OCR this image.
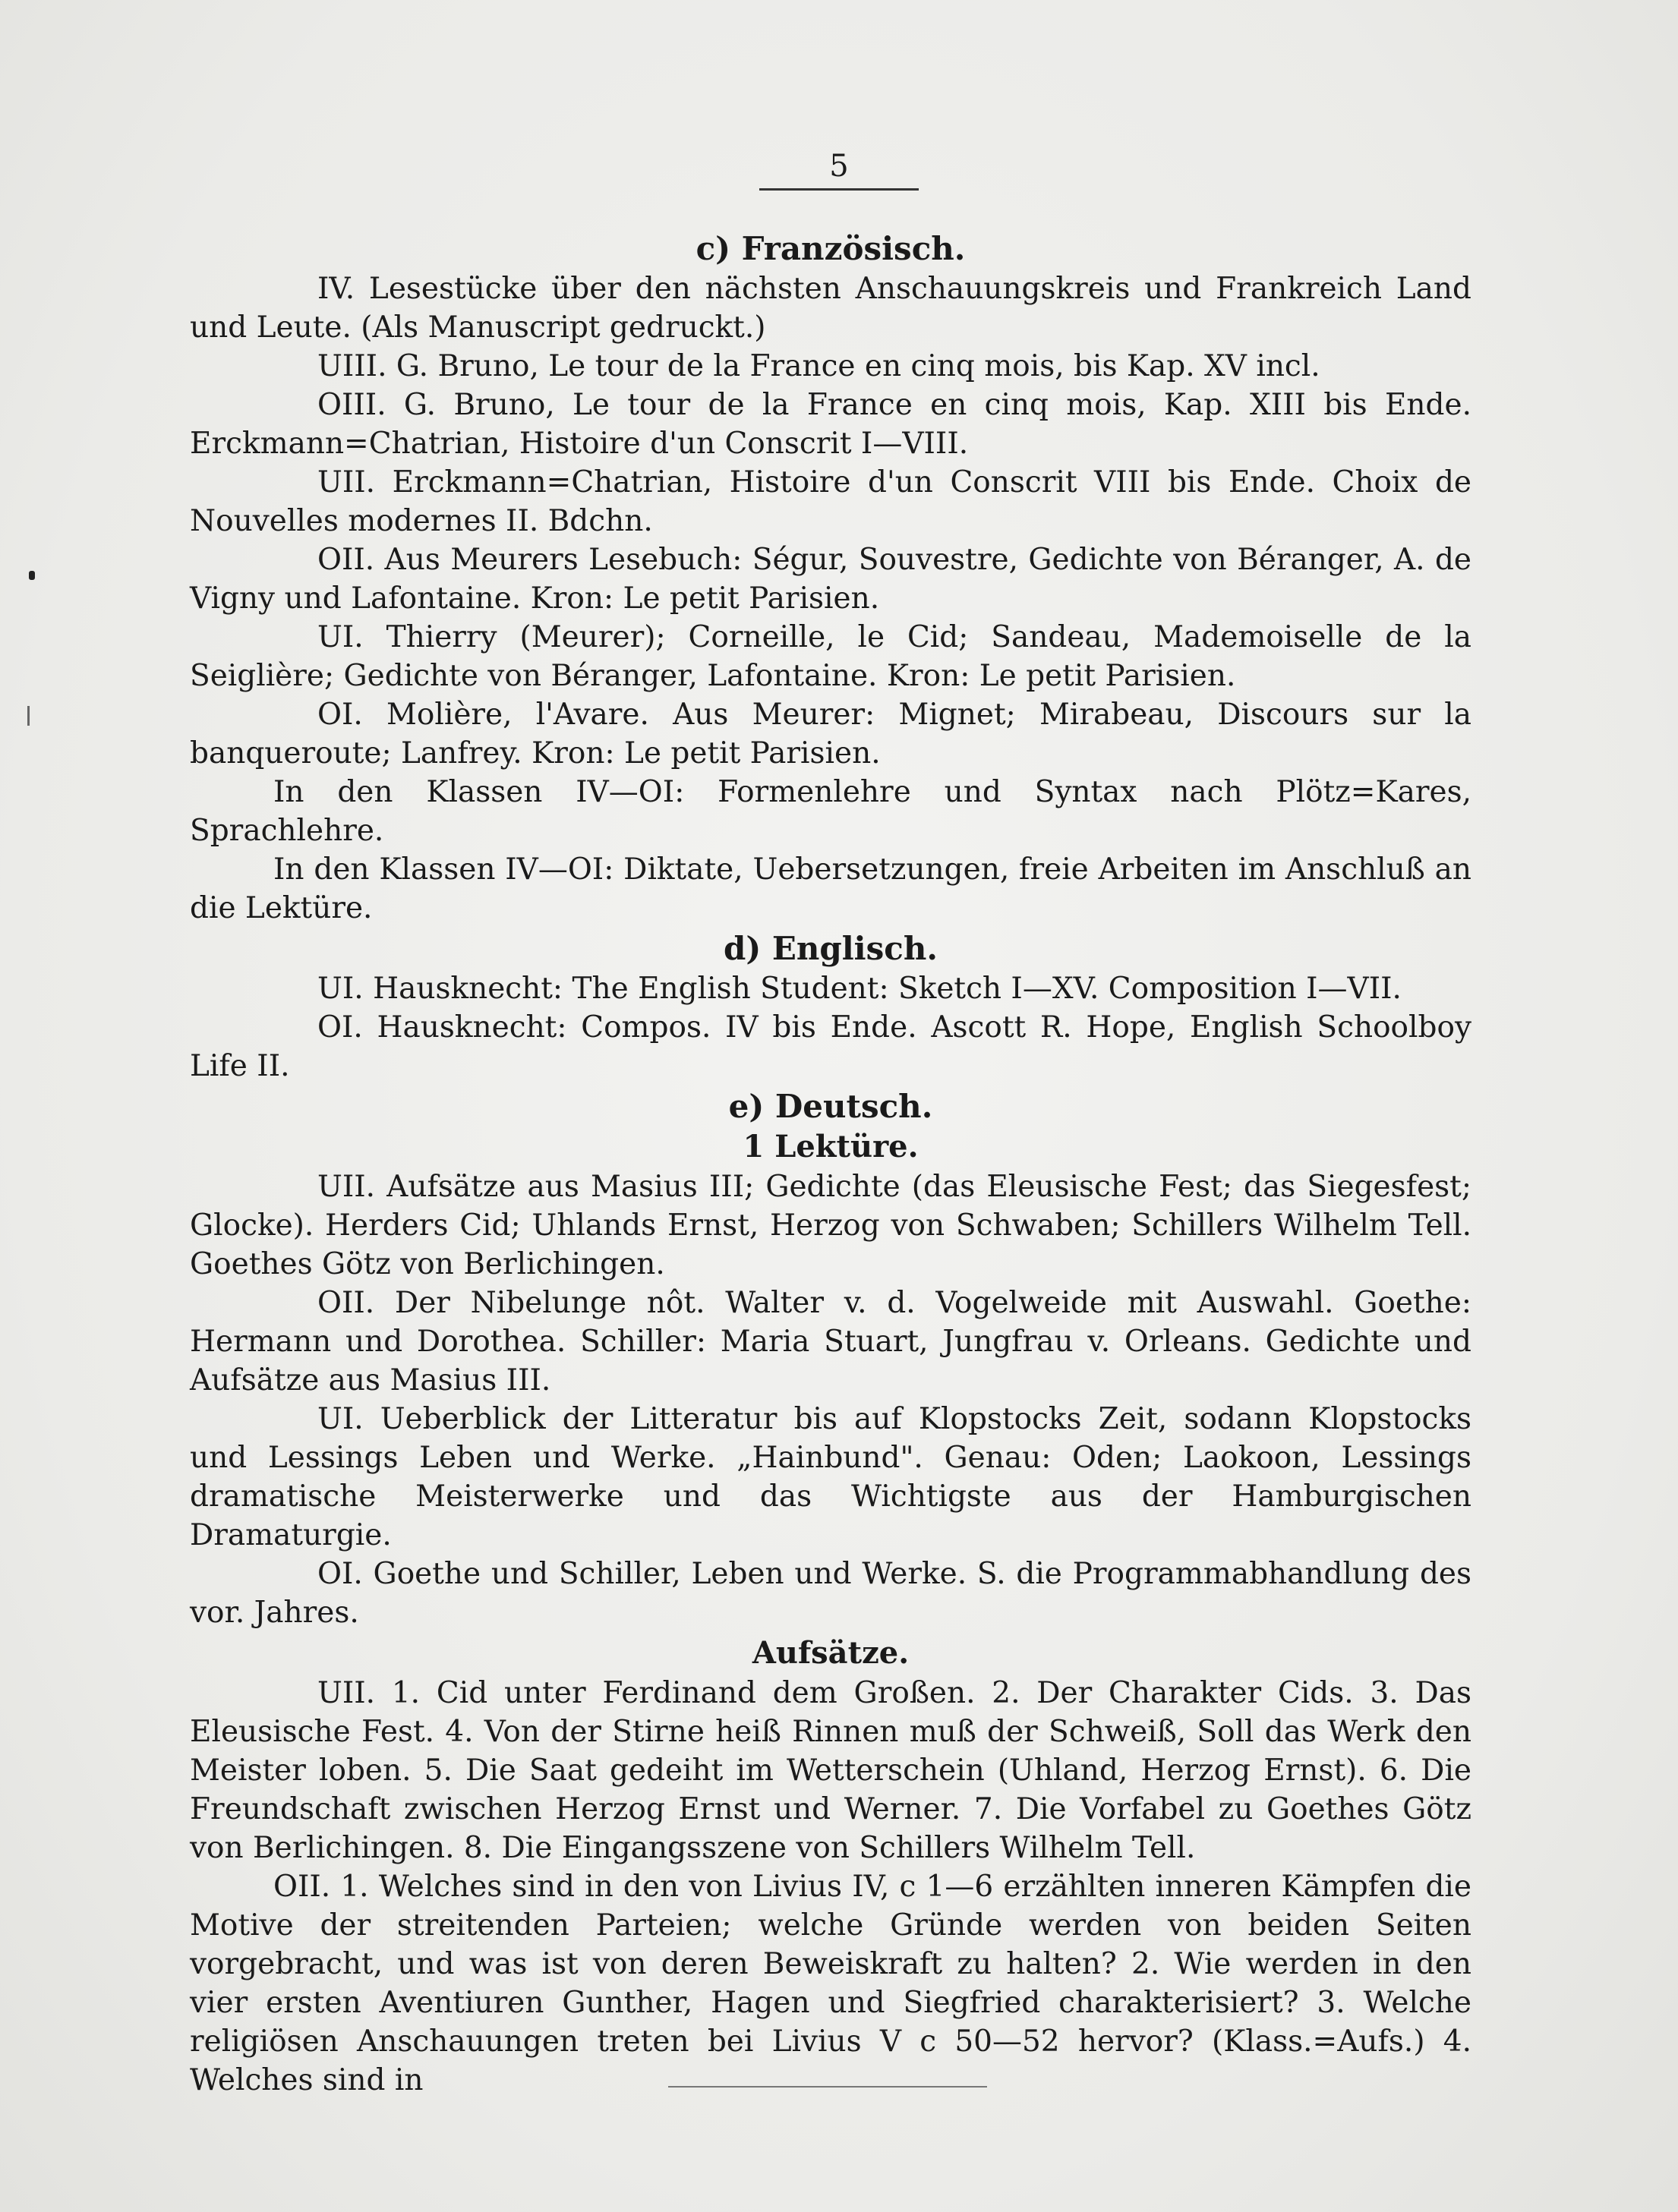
5
c) Französisch.

IV. Lesestücke über den nächsten Anschauungskreis und Frankreich Land und Leute. (Als Manuscript gedruckt.)

UIII. G. Bruno, Le tour de la France en cinq mois, bis Kap. XV incl.

OIII. G. Bruno, Le tour de la France en cinq mois, Kap. XIII bis Ende. Erckmann=Chatrian, Histoire d'un Conscrit I—VIII.

UII. Erckmann=Chatrian, Histoire d'un Conscrit VIII bis Ende. Choix de Nouvelles modernes II. Bdchn.

OII. Aus Meurers Lesebuch: Ségur, Souvestre, Gedichte von Béranger, A. de Vigny und Lafontaine. Kron: Le petit Parisien.

UI. Thierry (Meurer); Corneille, le Cid; Sandeau, Mademoiselle de la Seiglière; Gedichte von Béranger, Lafontaine. Kron: Le petit Parisien.

OI. Molière, l'Avare. Aus Meurer: Mignet; Mirabeau, Discours sur la banqueroute; Lanfrey. Kron: Le petit Parisien.

In den Klassen IV—OI: Formenlehre und Syntax nach Plötz=Kares, Sprachlehre.

In den Klassen IV—OI: Diktate, Uebersetzungen, freie Arbeiten im Anschluß an die Lektüre.

d) Englisch.

UI. Hausknecht: The English Student: Sketch I—XV. Composition I—VII.

OI. Hausknecht: Compos. IV bis Ende. Ascott R. Hope, English Schoolboy Life II.

e) Deutsch.
1 Lektüre.

UII. Aufsätze aus Masius III; Gedichte (das Eleusische Fest; das Siegesfest; Glocke). Herders Cid; Uhlands Ernst, Herzog von Schwaben; Schillers Wilhelm Tell. Goethes Götz von Berlichingen.

OII. Der Nibelunge nôt. Walter v. d. Vogelweide mit Auswahl. Goethe: Hermann und Dorothea. Schiller: Maria Stuart, Jungfrau v. Orleans. Gedichte und Aufsätze aus Masius III.

UI. Ueberblick der Litteratur bis auf Klopstocks Zeit, sodann Klopstocks und Lessings Leben und Werke. „Hainbund". Genau: Oden; Laokoon, Lessings dramatische Meisterwerke und das Wichtigste aus der Hamburgischen Dramaturgie.

OI. Goethe und Schiller, Leben und Werke. S. die Programmabhandlung des vor. Jahres.

Aufsätze.

UII. 1. Cid unter Ferdinand dem Großen. 2. Der Charakter Cids. 3. Das Eleusische Fest. 4. Von der Stirne heiß Rinnen muß der Schweiß, Soll das Werk den Meister loben. 5. Die Saat gedeiht im Wetterschein (Uhland, Herzog Ernst). 6. Die Freundschaft zwischen Herzog Ernst und Werner. 7. Die Vorfabel zu Goethes Götz von Berlichingen. 8. Die Eingangsszene von Schillers Wilhelm Tell.

OII. 1. Welches sind in den von Livius IV, c 1—6 erzählten inneren Kämpfen die Motive der streitenden Parteien; welche Gründe werden von beiden Seiten vorgebracht, und was ist von deren Beweiskraft zu halten? 2. Wie werden in den vier ersten Aventiuren Gunther, Hagen und Siegfried charakterisiert? 3. Welche religiösen Anschauungen treten bei Livius V c 50—52 hervor? (Klass.=Aufs.) 4. Welches sind in
